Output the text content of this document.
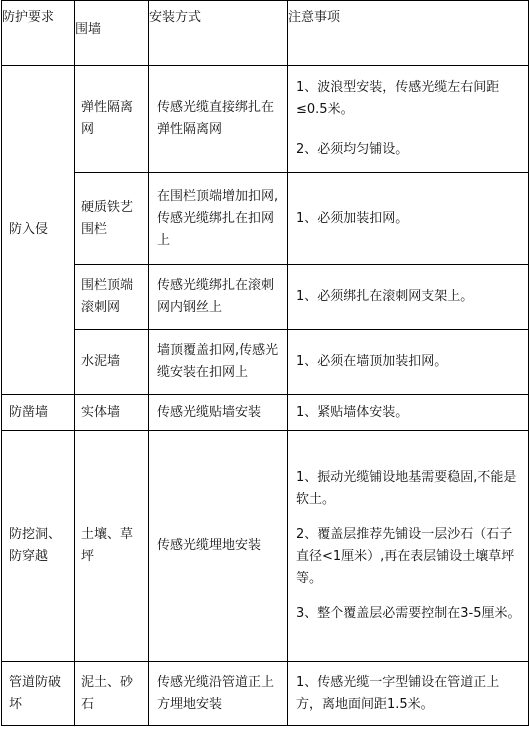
防护要求	围墙	安装方式	注意事项
防入侵	弹性隔离网	传感光缆直接绑扎在弹性隔离网	1、波浪型安装，传感光缆左右间距≤0.5米。

2、必须均匀铺设。

	硬质铁艺围栏	在围栏顶端增加扣网,传感光缆绑扎在扣网上	1、必须加装扣网。

	围栏顶端滚刺网	传感光缆绑扎在滚刺网内钢丝上	1、必须绑扎在滚刺网支架上。

	水泥墙	墙顶覆盖扣网,传感光缆安装在扣网上	1、必须在墙顶加装扣网。

防凿墙	实体墙	传感光缆贴墙安装	1、紧贴墙体安装。

防挖洞、防穿越	土壤、草坪	传感光缆埋地安装	1、振动光缆铺设地基需要稳固,不能是软土。

2、覆盖层推荐先铺设一层沙石（石子直径<1厘米）,再在表层铺设土壤草坪等。

3、整个覆盖层必需要控制在3-5厘米。

管道防破坏	泥土、砂石	传感光缆沿管道正上方埋地安装	1、传感光缆一字型铺设在管道正上方，离地面间距1.5米。
